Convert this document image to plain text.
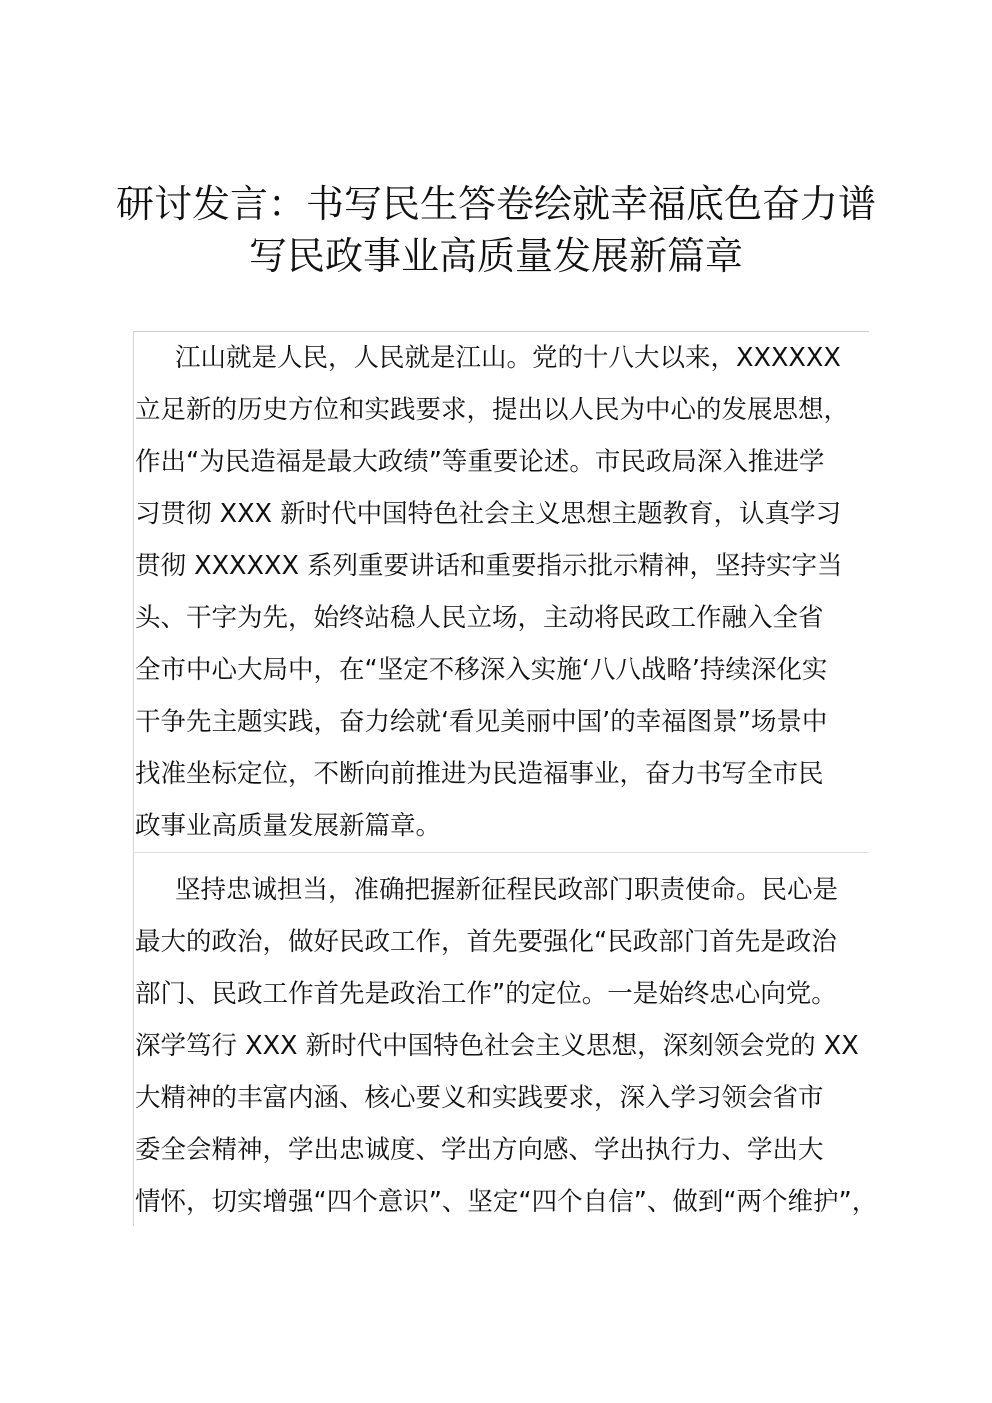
研讨发言：书写民生答卷绘就幸福底色奋力谱
写民政事业高质量发展新篇章
江山就是人民，人民就是江山。党的十八大以来，XXXXXX
立足新的历史方位和实践要求，提出以人民为中心的发展思想，
作出“为民造福是最大政绩”等重要论述。市民政局深入推进学
习贯彻 XXX 新时代中国特色社会主义思想主题教育，认真学习
贯彻 XXXXXX 系列重要讲话和重要指示批示精神，坚持实字当
头、干字为先，始终站稳人民立场，主动将民政工作融入全省
全市中心大局中，在“坚定不移深入实施‘八八战略’持续深化实
干争先主题实践，奋力绘就‘看见美丽中国’的幸福图景”场景中
找准坐标定位，不断向前推进为民造福事业，奋力书写全市民
政事业高质量发展新篇章。
坚持忠诚担当，准确把握新征程民政部门职责使命。民心是
最大的政治，做好民政工作，首先要强化“民政部门首先是政治
部门、民政工作首先是政治工作”的定位。一是始终忠心向党。
深学笃行 XXX 新时代中国特色社会主义思想，深刻领会党的 XX
大精神的丰富内涵、核心要义和实践要求，深入学习领会省市
委全会精神，学出忠诚度、学出方向感、学出执行力、学出大
情怀，切实增强“四个意识”、坚定“四个自信”、做到“两个维护”，
